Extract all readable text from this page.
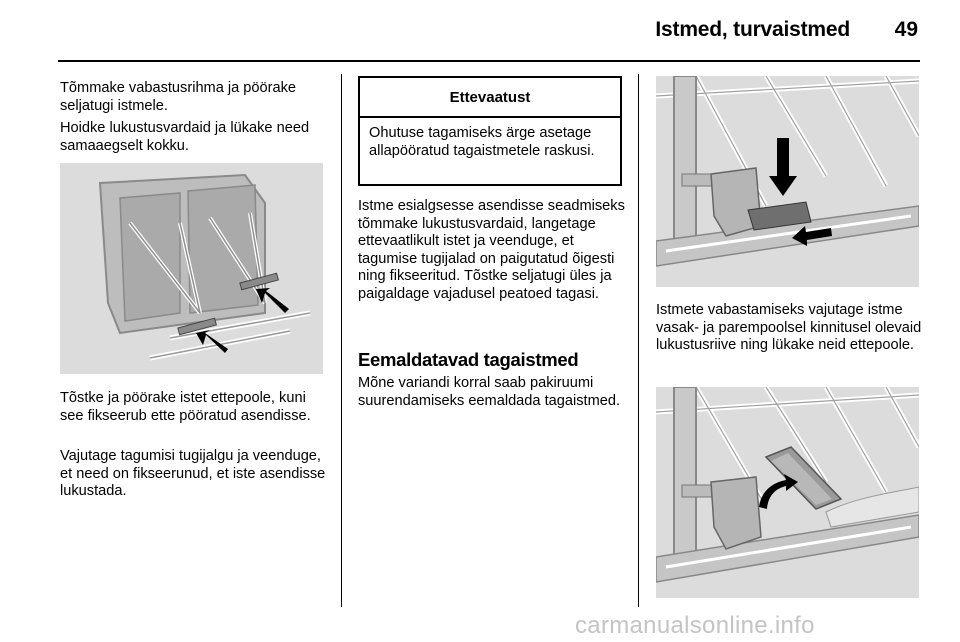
Istmed, turvaistmed	49
Tõmmake vabastusrihma ja pöörake seljatugi istmele.
Hoidke lukustusvardaid ja lükake need samaaegselt kokku.
Tõstke ja pöörake istet ettepoole, kuni see fikseerub ette pööratud asendisse.
Vajutage tagumisi tugijalgu ja veenduge, et need on fikseerunud, et iste asendisse lukustada.
Ettevaatust
Ohutuse tagamiseks ärge asetage allapööratud tagaistmetele raskusi.
Istme esialgsesse asendisse seadmiseks tõmmake lukustusvardaid, langetage ettevaatlikult istet ja veenduge, et tagumise tugijalad on paigutatud õigesti ning fikseeritud. Tõstke seljatugi üles ja paigaldage vajadusel peatoed tagasi.
Eemaldatavad tagaistmed
Mõne variandi korral saab pakiruumi suurendamiseks eemaldada tagaistmed.
Istmete vabastamiseks vajutage istme vasak- ja parempoolsel kinnitusel olevaid lukustusriive ning lükake neid ettepoole.
carmanualsonline.info
